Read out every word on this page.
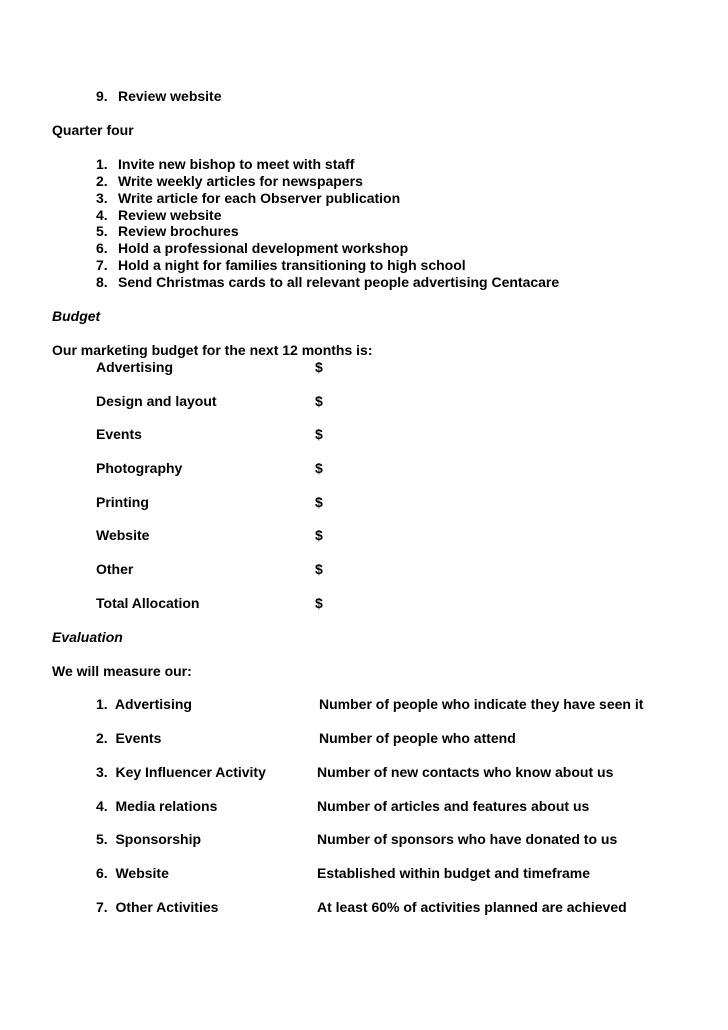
9. Review website
Quarter four
1. Invite new bishop to meet with staff
2. Write weekly articles for newspapers
3. Write article for each Observer publication
4. Review website
5. Review brochures
6. Hold a professional development workshop
7. Hold a night for families transitioning to high school
8. Send Christmas cards to all relevant people advertising Centacare
Budget
Our marketing budget for the next 12 months is:
Advertising	$
Design and layout	$
Events	$
Photography	$
Printing	$
Website	$
Other	$
Total Allocation	$
Evaluation
We will measure our:
1.  Advertising	Number of people who indicate they have seen it
2.  Events	Number of people who attend
3.  Key Influencer Activity	Number of new contacts who know about us
4.  Media relations	Number of articles and features about us
5.  Sponsorship	Number of sponsors who have donated to us
6.  Website	Established within budget and timeframe
7.  Other Activities	At least 60% of activities planned are achieved
